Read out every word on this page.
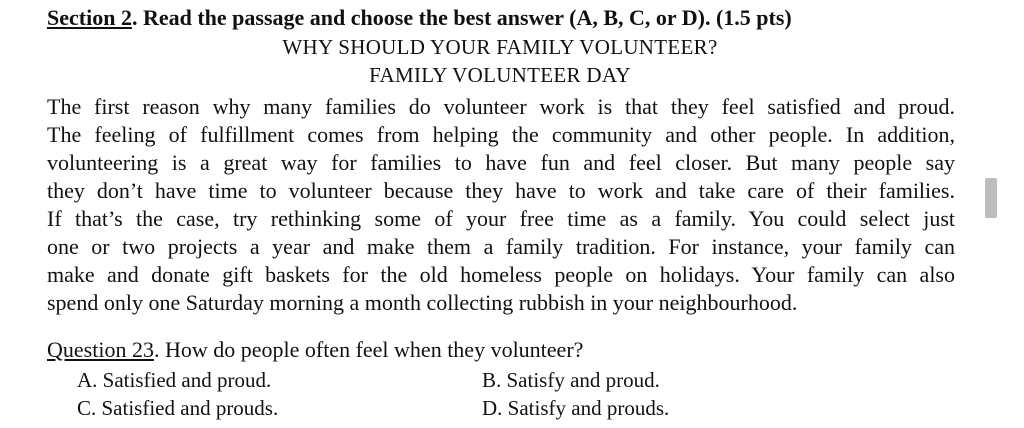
Section 2. Read the passage and choose the best answer (A, B, C, or D). (1.5 pts)
WHY SHOULD YOUR FAMILY VOLUNTEER?
FAMILY VOLUNTEER DAY
The first reason why many families do volunteer work is that they feel satisfied and proud.
The feeling of fulfillment comes from helping the community and other people. In addition,
volunteering is a great way for families to have fun and feel closer. But many people say
they don’t have time to volunteer because they have to work and take care of their families.
If that’s the case, try rethinking some of your free time as a family. You could select just
one or two projects a year and make them a family tradition. For instance, your family can
make and donate gift baskets for the old homeless people on holidays. Your family can also
spend only one Saturday morning a month collecting rubbish in your neighbourhood.
Question 23. How do people often feel when they volunteer?
A. Satisfied and proud.	B. Satisfy and proud.
C. Satisfied and prouds.	D. Satisfy and prouds.
